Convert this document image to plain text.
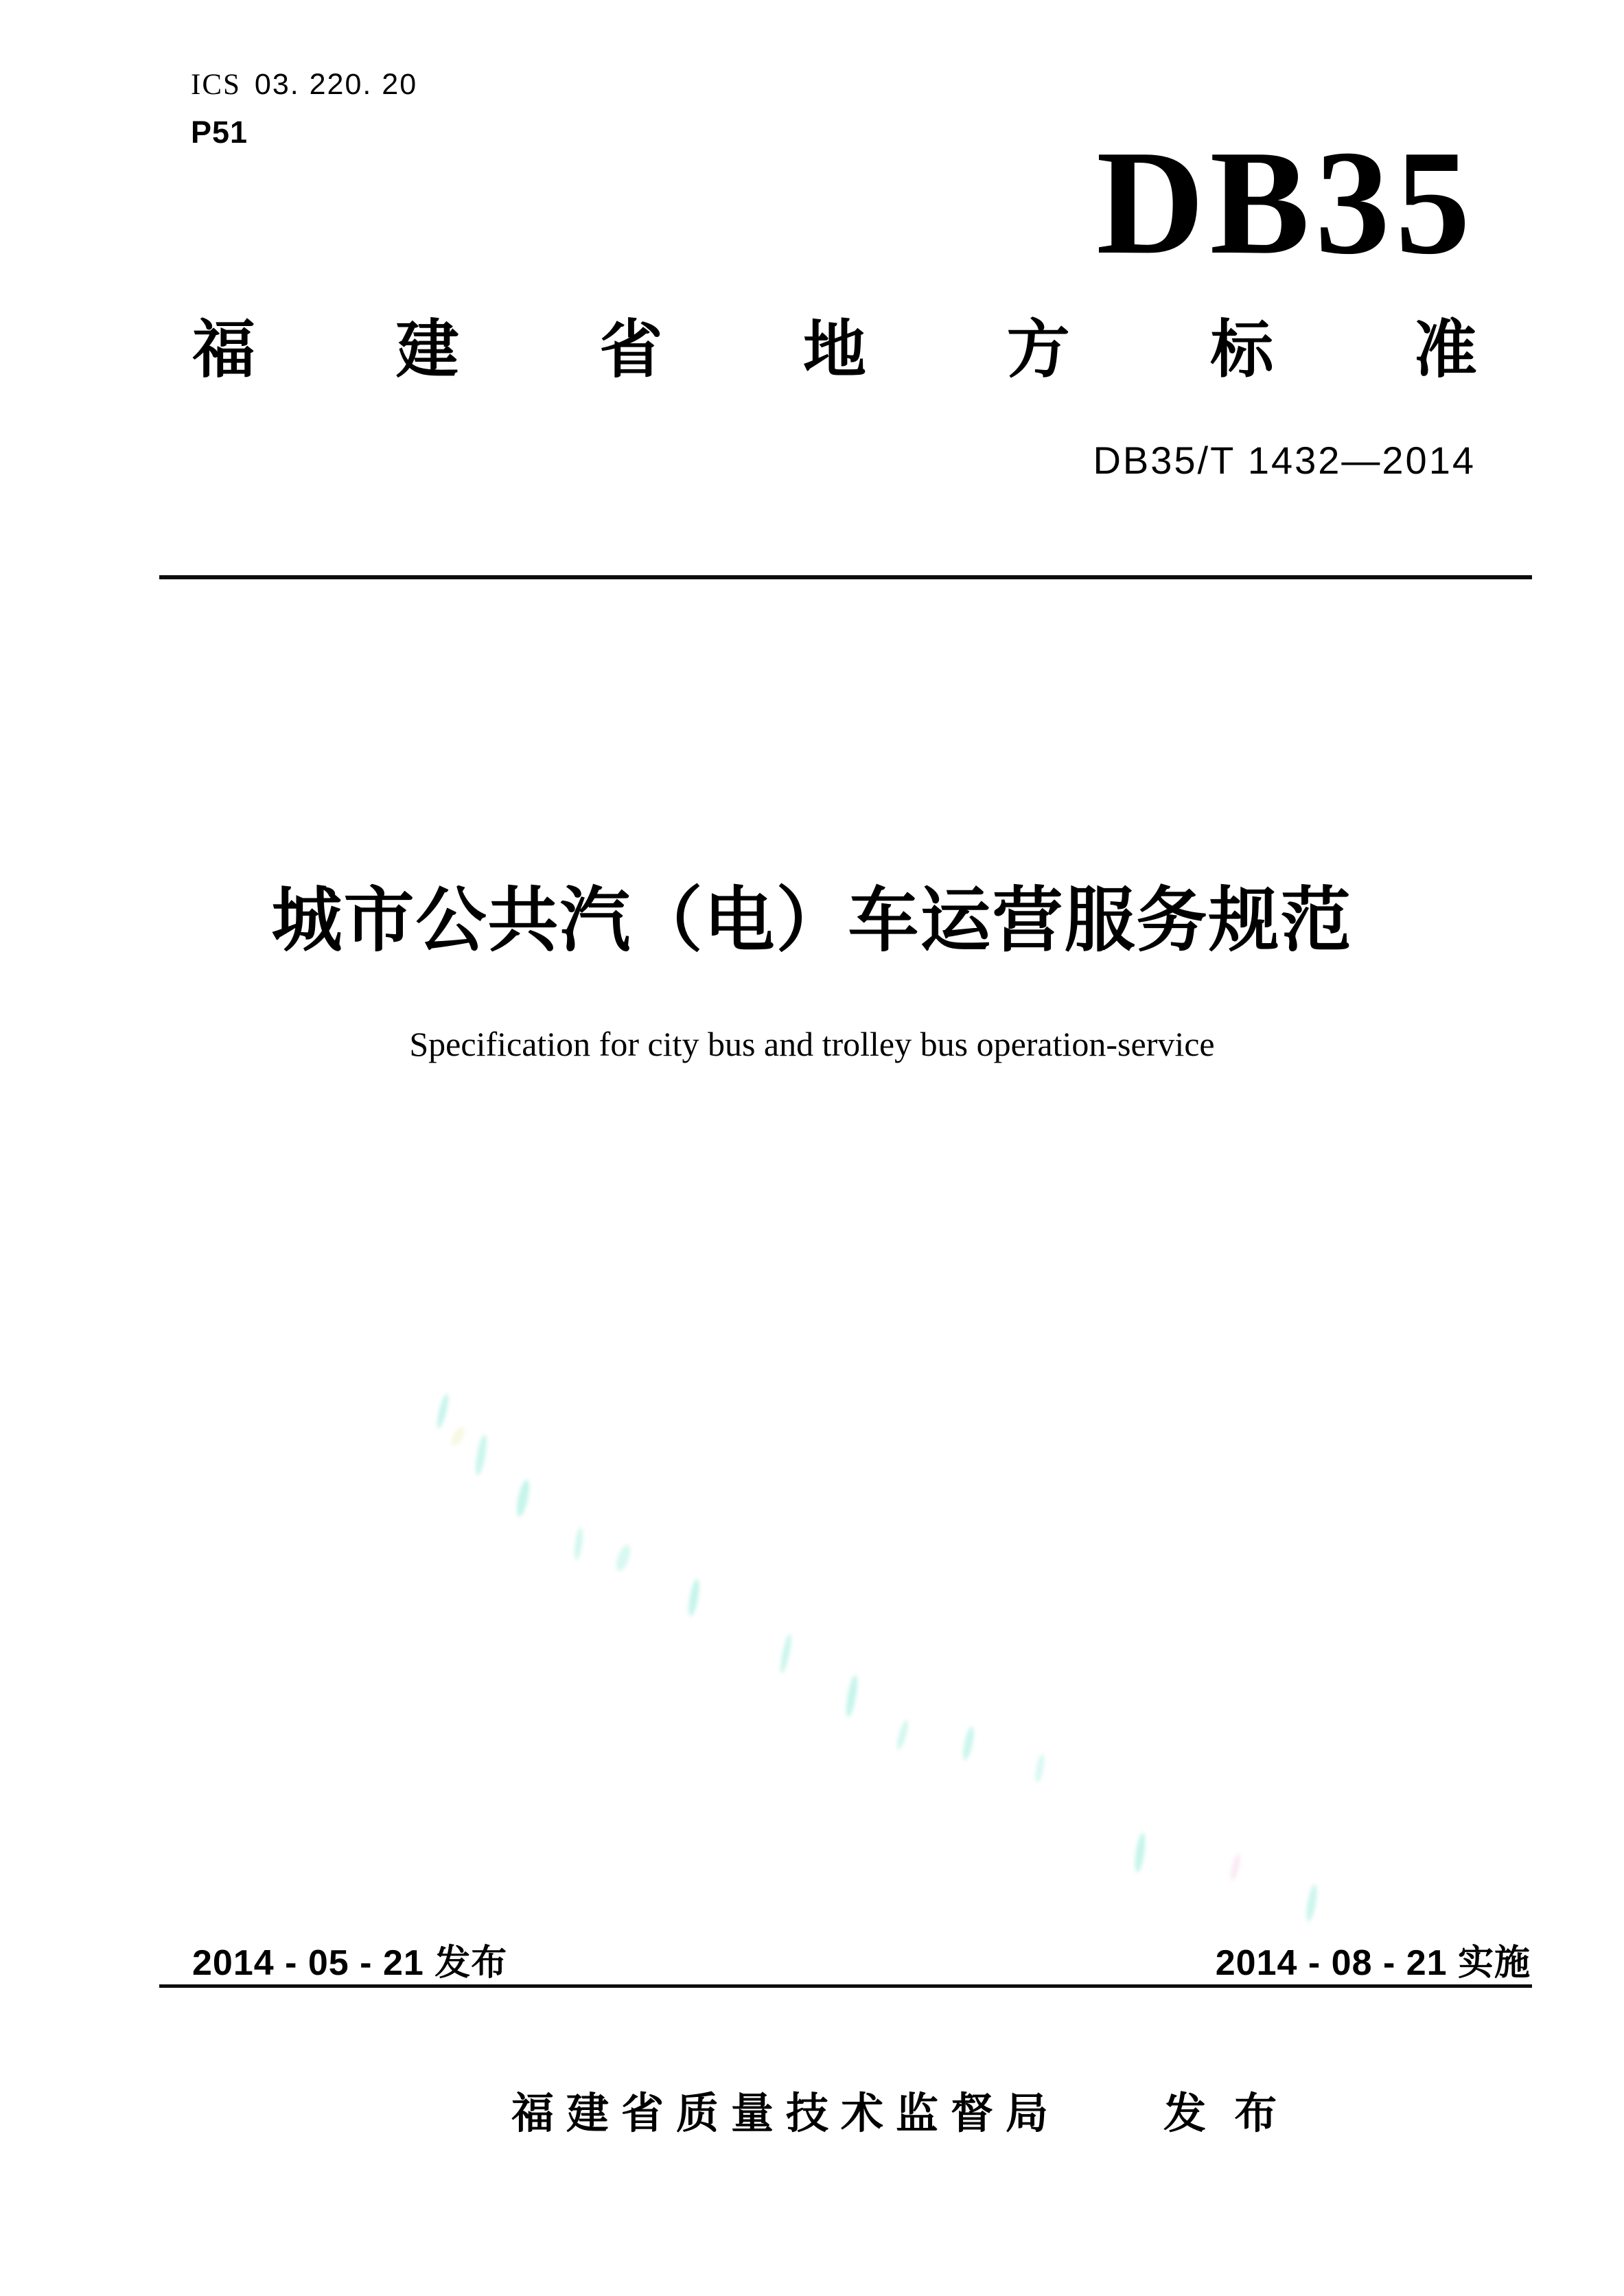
ICS 03. 220. 20
P51	DB35
福 建 省 地 方 标 准
DB35/T 1432—2014
城市公共汽（电）车运营服务规范
Specification for city bus and trolley bus operation-service
2014 - 05 - 21 发布	2014 - 08 - 21 实施
福建省质量技术监督局 发 布
